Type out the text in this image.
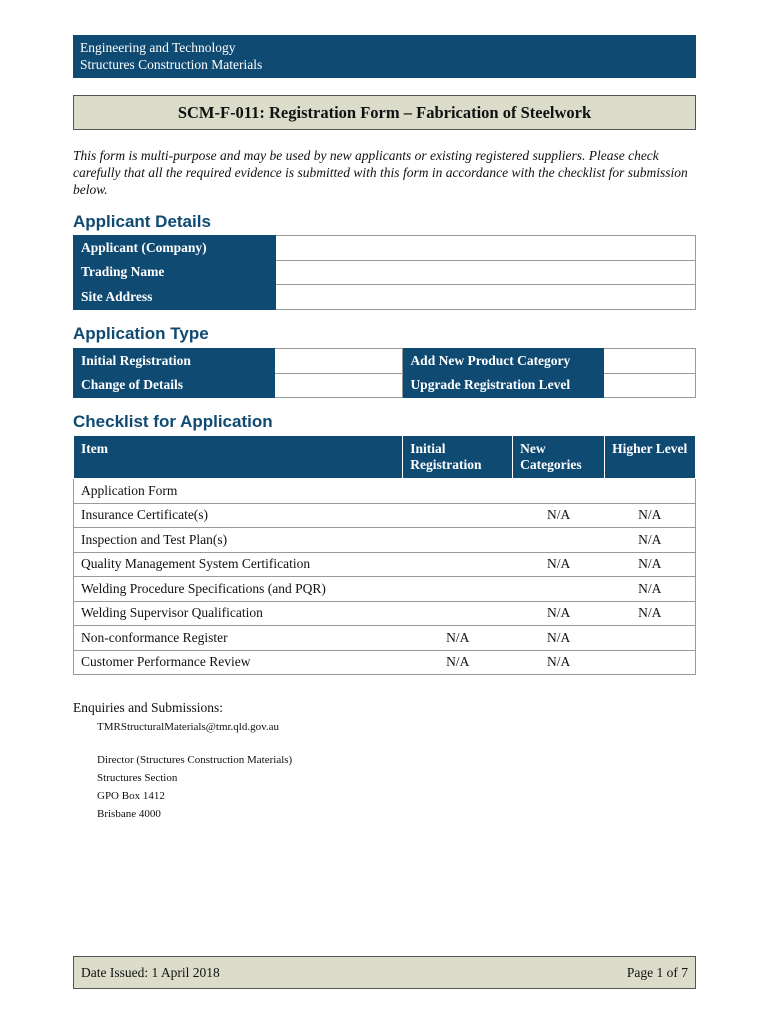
Engineering and Technology
Structures Construction Materials
SCM-F-011: Registration Form – Fabrication of Steelwork
This form is multi-purpose and may be used by new applicants or existing registered suppliers. Please check carefully that all the required evidence is submitted with this form in accordance with the checklist for submission below.
Applicant Details
Applicant (Company)	
Trading Name	
Site Address	
Application Type
Initial Registration		Add New Product Category	
Change of Details		Upgrade Registration Level	
Checklist for Application
Item	Initial Registration	New Categories	Higher Level
Application Form			
Insurance Certificate(s)		N/A	N/A
Inspection and Test Plan(s)			N/A
Quality Management System Certification		N/A	N/A
Welding Procedure Specifications (and PQR)			N/A
Welding Supervisor Qualification		N/A	N/A
Non-conformance Register	N/A	N/A	
Customer Performance Review	N/A	N/A	
Enquiries and Submissions:
TMRStructuralMaterials@tmr.qld.gov.au
Director (Structures Construction Materials)
Structures Section
GPO Box 1412
Brisbane 4000
Date Issued: 1 April 2018	Page 1 of 7
